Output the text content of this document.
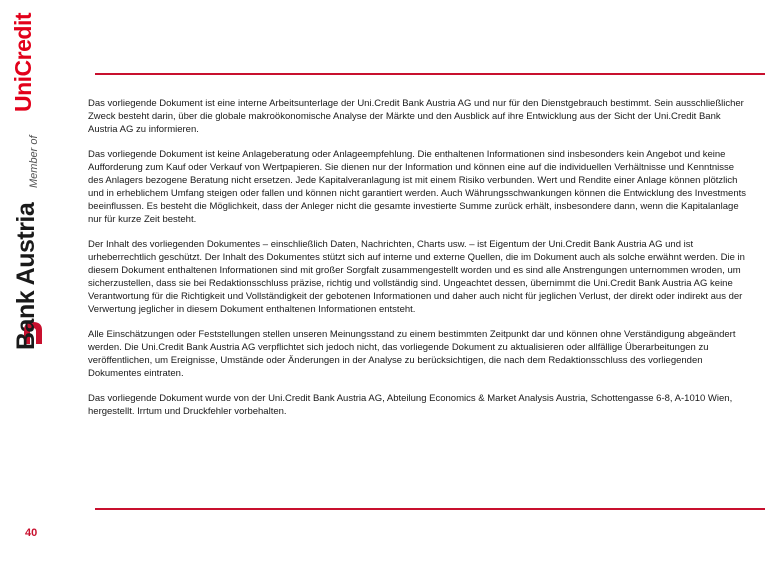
UniCredit
Member of
Bank Austria

Das vorliegende Dokument ist eine interne Arbeitsunterlage der Uni.Credit Bank Austria AG und nur für den Dienstgebrauch bestimmt. Sein ausschließlicher Zweck besteht darin, über die globale makroökonomische Analyse der Märkte und den Ausblick auf ihre Entwicklung aus der Sicht der Uni.Credit Bank Austria AG zu informieren.

Das vorliegende Dokument ist keine Anlageberatung oder Anlageempfehlung. Die enthaltenen Informationen sind insbesonders kein Angebot und keine Aufforderung zum Kauf oder Verkauf von Wertpapieren. Sie dienen nur der Information und können eine auf die individuellen Verhältnisse und Kenntnisse des Anlagers bezogene Beratung nicht ersetzen. Jede Kapitalveranlagung ist mit einem Risiko verbunden. Wert und Rendite einer Anlage können plötzlich und in erheblichem Umfang steigen oder fallen und können nicht garantiert werden. Auch Währungsschwankungen können die Entwicklung des Investments beeinflussen. Es besteht die Möglichkeit, dass der Anleger nicht die gesamte investierte Summe zurück erhält, insbesondere dann, wenn die Kapitalanlage nur für kurze Zeit besteht.

Der Inhalt des vorliegenden Dokumentes – einschließlich Daten, Nachrichten, Charts usw. – ist Eigentum der Uni.Credit Bank Austria AG und ist urheberrechtlich geschützt. Der Inhalt des Dokumentes stützt sich auf interne und externe Quellen, die im Dokument auch als solche erwähnt werden. Die in diesem Dokument enthaltenen Informationen sind mit großer Sorgfalt zusammengestellt worden und es sind alle Anstrengungen unternommen wroden, um sicherzustellen, dass sie bei Redaktionsschluss präzise, richtig und vollständig sind. Ungeachtet dessen, übernimmt die Uni.Credit Bank Austria AG keine Verantwortung für die Richtigkeit und Vollständigkeit der gebotenen Informationen und daher auch nicht für jeglichen Verlust, der direkt oder indirekt aus der Verwertung jeglicher in diesem Dokument enthaltenen Informationen entsteht.

Alle Einschätzungen oder Feststellungen stellen unseren Meinungsstand zu einem bestimmten Zeitpunkt dar und können ohne Verständigung abgeändert werden. Die Uni.Credit Bank Austria AG verpflichtet sich jedoch nicht, das vorliegende Dokument zu aktualisieren oder allfällige Überarbeitungen zu veröffentlichen, um Ereignisse, Umstände oder Änderungen in der Analyse zu berücksichtigen, die nach dem Redaktionsschluss des vorliegenden Dokumentes eintraten.

Das vorliegende Dokument wurde von der Uni.Credit Bank Austria AG, Abteilung Economics & Market Analysis Austria, Schottengasse 6-8, A-1010 Wien, hergestellt. Irrtum und Druckfehler vorbehalten.

40
